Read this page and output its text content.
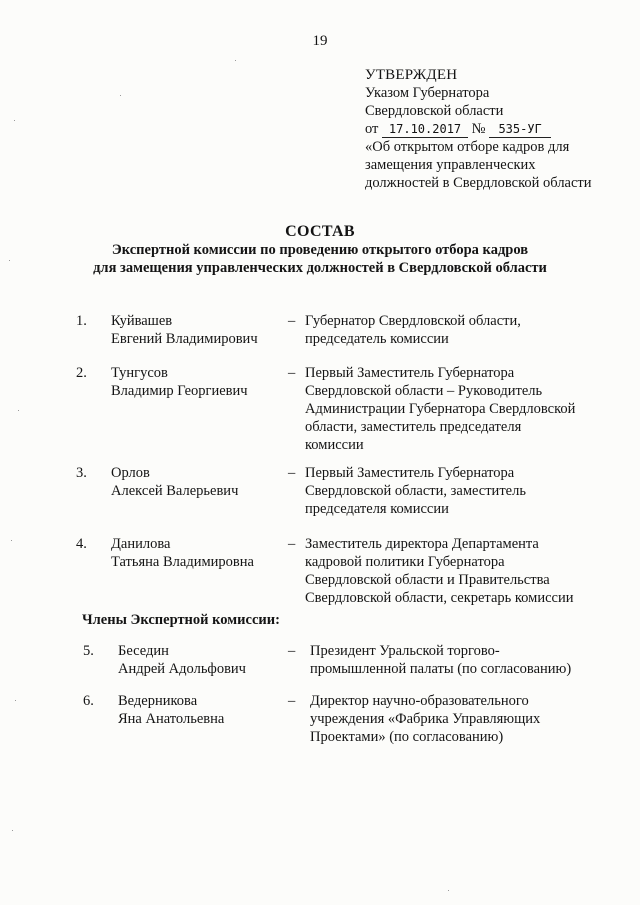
19
УТВЕРЖДЕН
Указом Губернатора
Свердловской области
от 17.10.2017 № 535-УГ
«Об открытом отборе кадров для
замещения управленческих
должностей в Свердловской области
СОСТАВ
Экспертной комиссии по проведению открытого отбора кадров
для замещения управленческих должностей в Свердловской области
1. Куйвашев
Евгений Владимирович
– Губернатор Свердловской области,
председатель комиссии
2. Тунгусов
Владимир Георгиевич
– Первый Заместитель Губернатора
Свердловской области – Руководитель
Администрации Губернатора Свердловской
области, заместитель председателя
комиссии
3. Орлов
Алексей Валерьевич
– Первый Заместитель Губернатора
Свердловской области, заместитель
председателя комиссии
4. Данилова
Татьяна Владимировна
– Заместитель директора Департамента
кадровой политики Губернатора
Свердловской области и Правительства
Свердловской области, секретарь комиссии
Члены Экспертной комиссии:
5. Беседин
Андрей Адольфович
– Президент Уральской торгово-
промышленной палаты (по согласованию)
6. Ведерникова
Яна Анатольевна
– Директор научно-образовательного
учреждения «Фабрика Управляющих
Проектами» (по согласованию)
